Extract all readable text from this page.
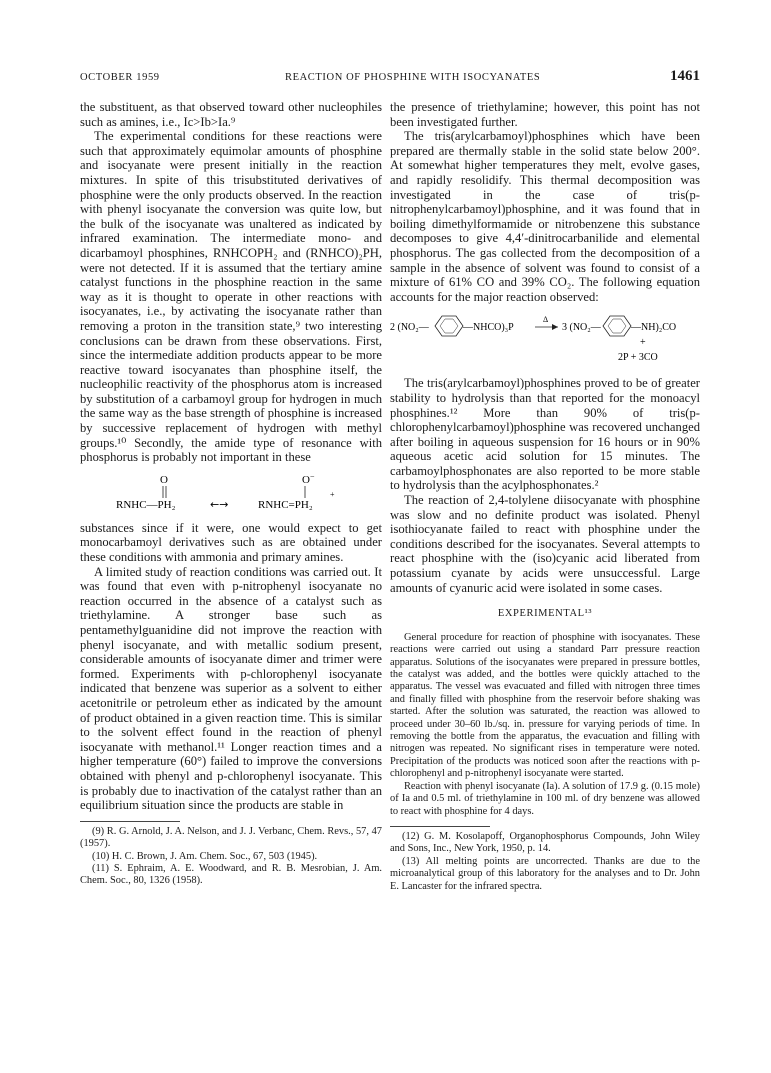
OCTOBER 1959	REACTION OF PHOSPHINE WITH ISOCYANATES	1461

the substituent, as that observed toward other nucleophiles such as amines, i.e., Ic>Ib>Ia.⁹

The experimental conditions for these reactions were such that approximately equimolar amounts of phosphine and isocyanate were present initially in the reaction mixtures. In spite of this trisubstituted derivatives of phosphine were the only products observed. In the reaction with phenyl isocyanate the conversion was quite low, but the bulk of the isocyanate was unaltered as indicated by infrared examination. The intermediate mono- and dicarbamoyl phosphines, RNHCOPH₂ and (RNHCO)₂PH, were not detected. If it is assumed that the tertiary amine catalyst functions in the phosphine reaction in the same way as it is thought to operate in other reactions with isocyanates, i.e., by activating the isocyanate rather than removing a proton in the transition state,⁹ two interesting conclusions can be drawn from these observations. First, since the intermediate addition products appear to be more reactive toward isocyanates than phosphine itself, the nucleophilic reactivity of the phosphorus atom is increased by substitution of a carbamoyl group for hydrogen in much the same way as the base strength of phosphine is increased by successive replacement of hydrogen with methyl groups.¹⁰ Secondly, the amide type of resonance with phosphorus is probably not important in these

O
RNHC—PH₂	←→
O −
+
RNHC=PH₂

substances since if it were, one would expect to get monocarbamoyl derivatives such as are obtained under these conditions with ammonia and primary amines.

A limited study of reaction conditions was carried out. It was found that even with p-nitrophenyl isocyanate no reaction occurred in the absence of a catalyst such as triethylamine. A stronger base such as pentamethylguanidine did not improve the reaction with phenyl isocyanate, and with metallic sodium present, considerable amounts of isocyanate dimer and trimer were formed. Experiments with p-chlorophenyl isocyanate indicated that benzene was superior as a solvent to either acetonitrile or petroleum ether as indicated by the amount of product obtained in a given reaction time. This is similar to the solvent effect found in the reaction of phenyl isocyanate with methanol.¹¹ Longer reaction times and a higher temperature (60°) failed to improve the conversions obtained with phenyl and p-chlorophenyl isocyanate. This is probably due to inactivation of the catalyst rather than an equilibrium situation since the products are stable in

(9) R. G. Arnold, J. A. Nelson, and J. J. Verbanc, Chem. Revs., 57, 47 (1957).

(10) H. C. Brown, J. Am. Chem. Soc., 67, 503 (1945).

(11) S. Ephraim, A. E. Woodward, and R. B. Mesrobian, J. Am. Chem. Soc., 80, 1326 (1958).

the presence of triethylamine; however, this point has not been investigated further.

The tris(arylcarbamoyl)phosphines which have been prepared are thermally stable in the solid state below 200°. At somewhat higher temperatures they melt, evolve gases, and rapidly resolidify. This thermal decomposition was investigated in the case of tris(p-nitrophenylcarbamoyl)phosphine, and it was found that in boiling dimethylformamide or nitrobenzene this substance decomposes to give 4,4′-dinitrocarbanilide and elemental phosphorus. The gas collected from the decomposition of a sample in the absence of solvent was found to consist of a mixture of 61% CO and 39% CO₂. The following equation accounts for the major reaction observed:

2 (NO₂—	—NHCO)₃P
Δ
3 (NO₂—	—NH)₂CO
+
2P + 3CO

The tris(arylcarbamoyl)phosphines proved to be of greater stability to hydrolysis than that reported for the monoacyl phosphines.¹² More than 90% of tris(p-chlorophenylcarbamoyl)phosphine was recovered unchanged after boiling in aqueous suspension for 16 hours or in 90% aqueous acetic acid solution for 15 minutes. The carbamoylphosphonates are also reported to be more stable to hydrolysis than the acylphosphonates.²

The reaction of 2,4-tolylene diisocyanate with phosphine was slow and no definite product was isolated. Phenyl isothiocyanate failed to react with phosphine under the conditions described for the isocyanates. Several attempts to react phosphine with the (iso)cyanic acid liberated from potassium cyanate by acids were unsuccessful. Large amounts of cyanuric acid were isolated in some cases.

EXPERIMENTAL¹³

General procedure for reaction of phosphine with isocyanates. These reactions were carried out using a standard Parr pressure reaction apparatus. Solutions of the isocyanates were prepared in pressure bottles, the catalyst was added, and the bottles were quickly attached to the apparatus. The vessel was evacuated and filled with nitrogen three times and finally filled with phosphine from the reservoir before shaking was started. After the solution was saturated, the reaction was allowed to proceed under 30–60 lb./sq. in. pressure for varying periods of time. In removing the bottle from the apparatus, the evacuation and filling with nitrogen was repeated. No significant rises in temperature were noted. Precipitation of the products was noticed soon after the reactions with p-chlorophenyl and p-nitrophenyl isocyanate were started.

Reaction with phenyl isocyanate (Ia). A solution of 17.9 g. (0.15 mole) of Ia and 0.5 ml. of triethylamine in 100 ml. of dry benzene was allowed to react with phosphine for 4 days.

(12) G. M. Kosolapoff, Organophosphorus Compounds, John Wiley and Sons, Inc., New York, 1950, p. 14.

(13) All melting points are uncorrected. Thanks are due to the microanalytical group of this laboratory for the analyses and to Dr. John E. Lancaster for the infrared spectra.
